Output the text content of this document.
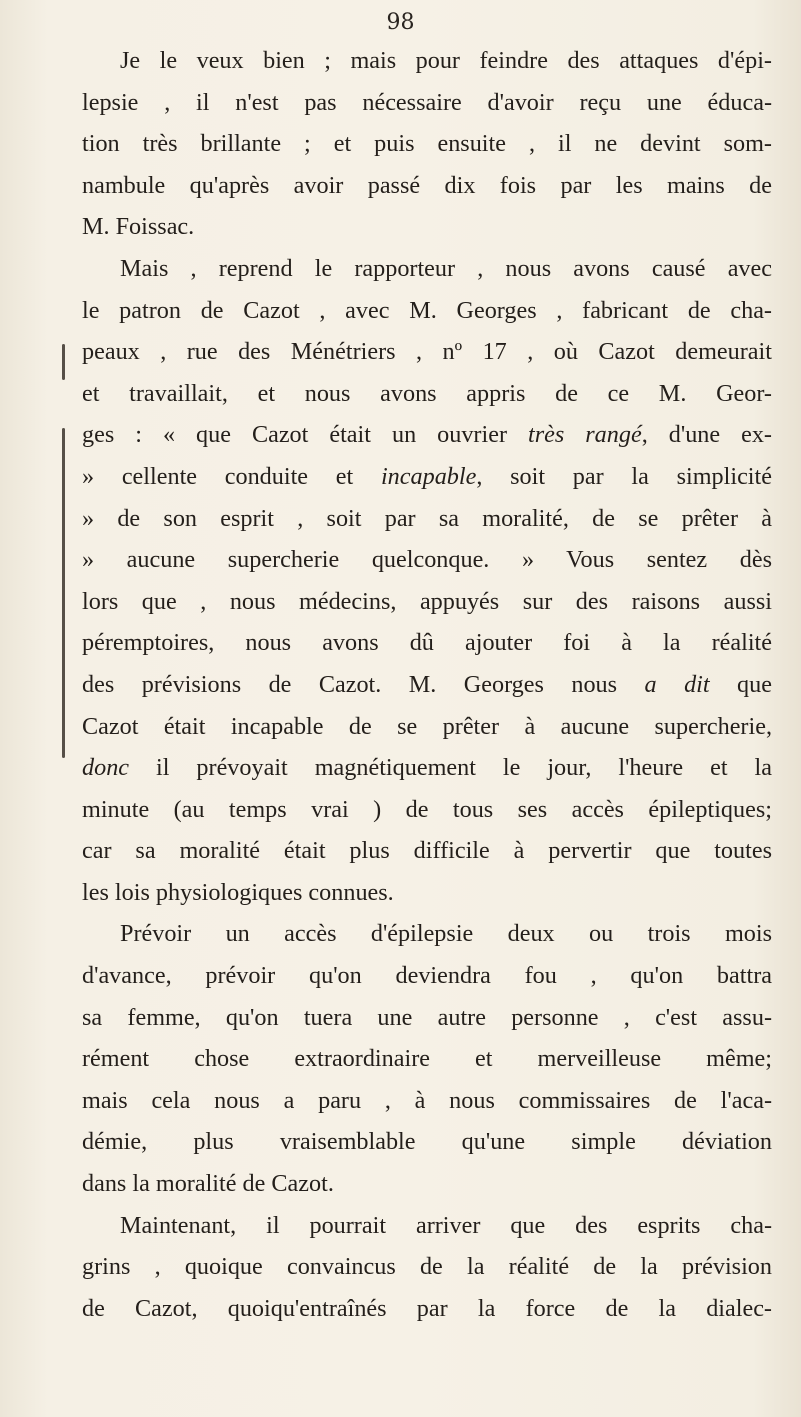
98
Je le veux bien ; mais pour feindre des attaques d'épi-
lepsie , il n'est pas nécessaire d'avoir reçu une éduca-
tion très brillante ; et puis ensuite , il ne devint som-
nambule qu'après avoir passé dix fois par les mains de
M. Foissac.
Mais , reprend le rapporteur , nous avons causé avec
le patron de Cazot , avec M. Georges , fabricant de cha-
peaux , rue des Ménétriers , nº 17 , où Cazot demeurait
et travaillait, et nous avons appris de ce M. Geor-
ges : « que Cazot était un ouvrier très rangé, d'une ex-
» cellente conduite et incapable, soit par la simplicité
» de son esprit , soit par sa moralité, de se prêter à
» aucune supercherie quelconque. » Vous sentez dès
lors que , nous médecins, appuyés sur des raisons aussi
péremptoires, nous avons dû ajouter foi à la réalité
des prévisions de Cazot. M. Georges nous a dit que
Cazot était incapable de se prêter à aucune supercherie,
donc il prévoyait magnétiquement le jour, l'heure et la
minute (au temps vrai ) de tous ses accès épileptiques;
car sa moralité était plus difficile à pervertir que toutes
les lois physiologiques connues.
Prévoir un accès d'épilepsie deux ou trois mois
d'avance, prévoir qu'on deviendra fou , qu'on battra
sa femme, qu'on tuera une autre personne , c'est assu-
rément chose extraordinaire et merveilleuse même;
mais cela nous a paru , à nous commissaires de l'aca-
démie, plus vraisemblable qu'une simple déviation
dans la moralité de Cazot.
Maintenant, il pourrait arriver que des esprits cha-
grins , quoique convaincus de la réalité de la prévision
de Cazot, quoiqu'entraînés par la force de la dialec-
